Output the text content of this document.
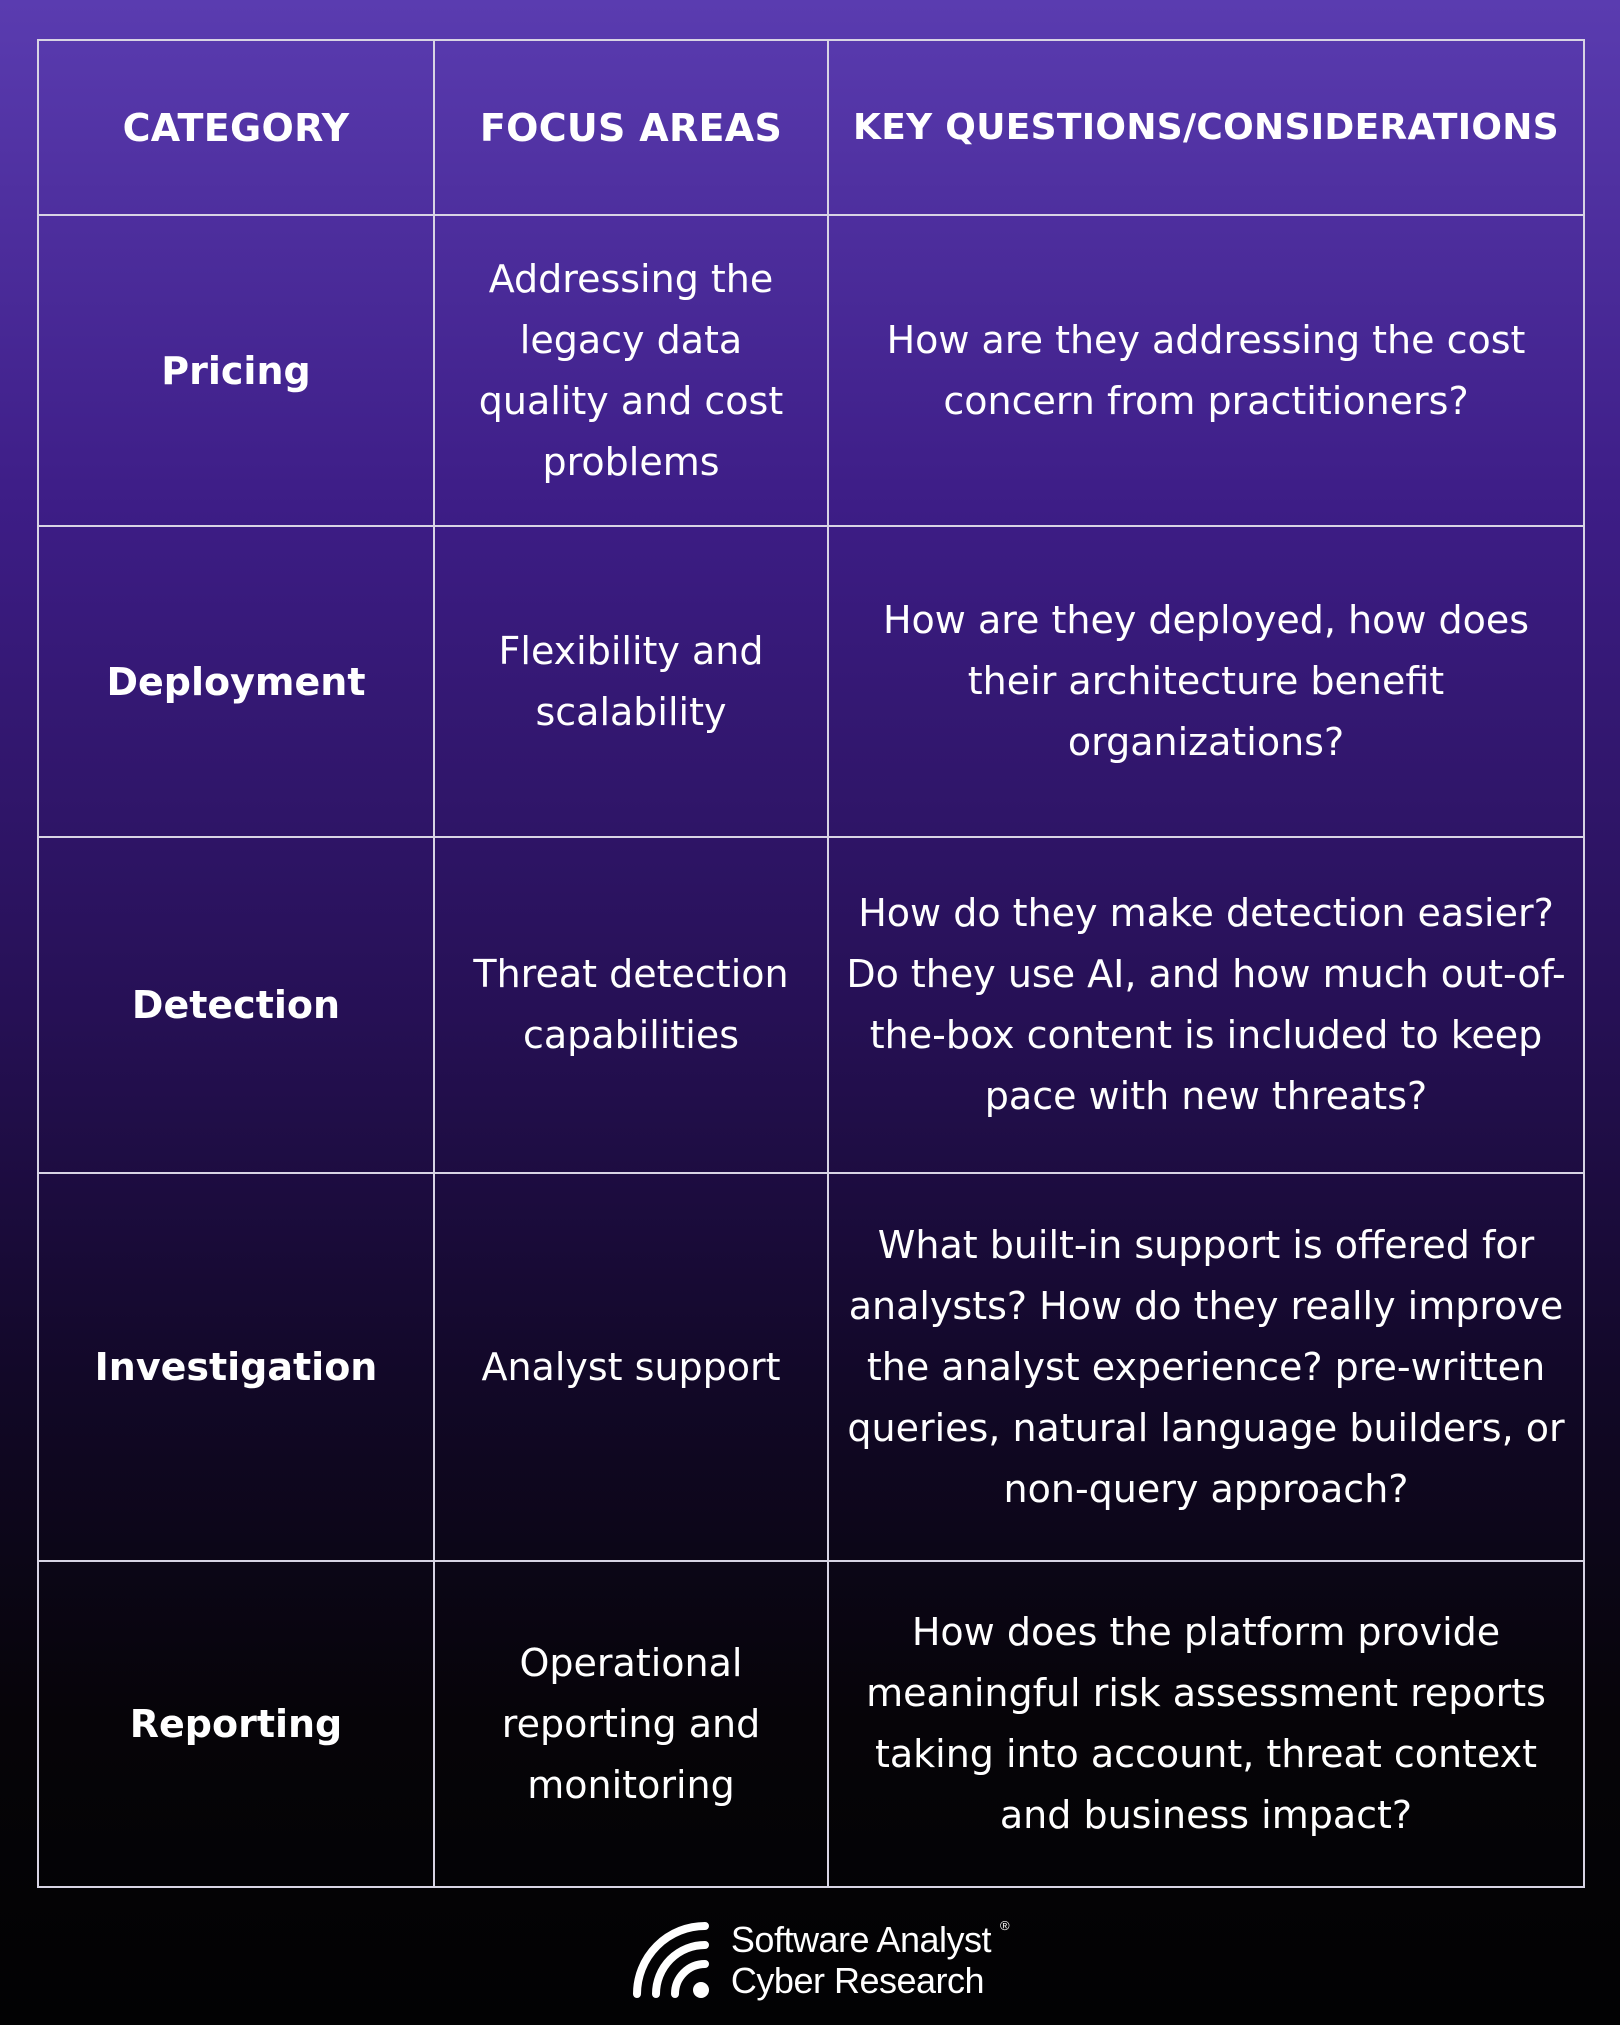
CATEGORY	FOCUS AREAS	KEY QUESTIONS/CONSIDERATIONS
Pricing	Addressing the legacy data quality and cost problems	How are they addressing the cost concern from practitioners?
Deployment	Flexibility and scalability	How are they deployed, how does their architecture benefit organizations?
Detection	Threat detection capabilities	How do they make detection easier? Do they use AI, and how much out-of-the-box content is included to keep pace with new threats?
Investigation	Analyst support	What built-in support is offered for analysts? How do they really improve the analyst experience? pre-written queries, natural language builders, or non-query approach?
Reporting	Operational reporting and monitoring	How does the platform provide meaningful risk assessment reports taking into account, threat context and business impact?
Software Analyst ®
Cyber Research
